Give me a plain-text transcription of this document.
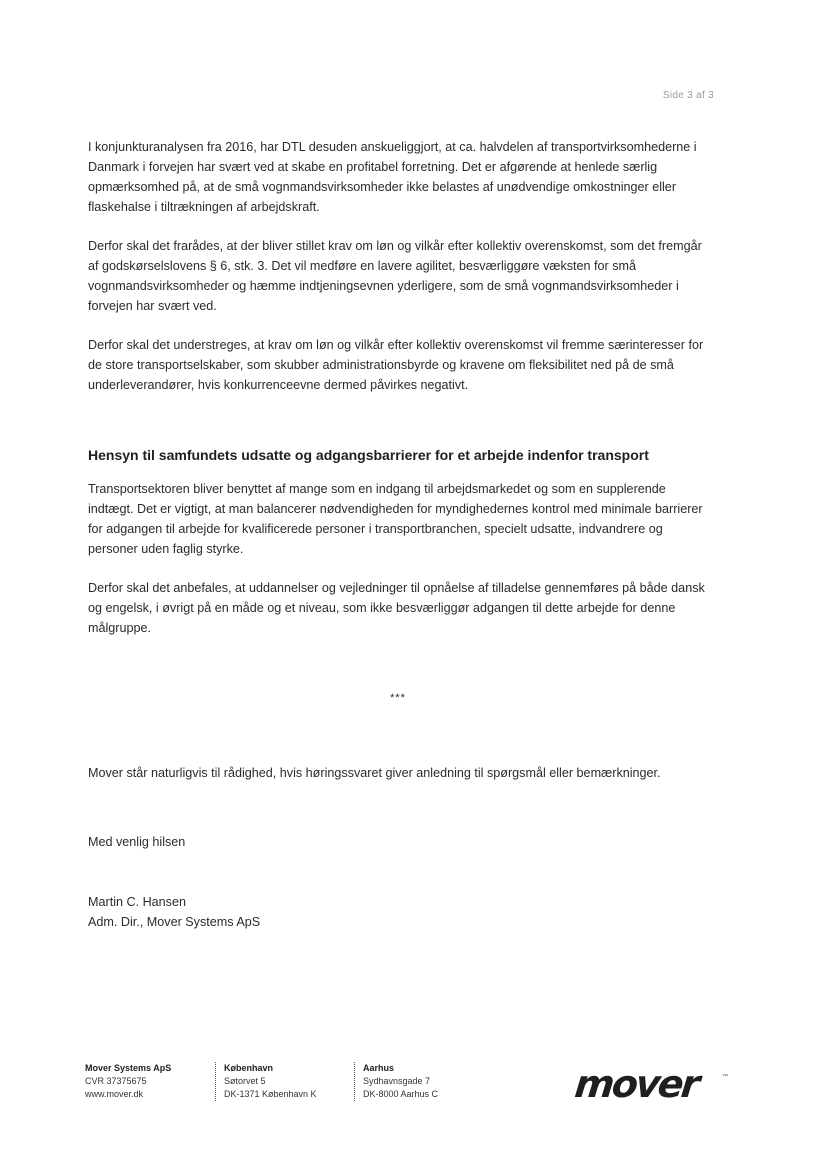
Side 3 af 3

I konjunkturanalysen fra 2016, har DTL desuden anskueliggjort, at ca. halvdelen af transportvirksomhederne i Danmark i forvejen har svært ved at skabe en profitabel forretning. Det er afgørende at henlede særlig opmærksomhed på, at de små vognmandsvirksomheder ikke belastes af unødvendige omkostninger eller flaskehalse i tiltrækningen af arbejdskraft.

Derfor skal det frarådes, at der bliver stillet krav om løn og vilkår efter kollektiv overenskomst, som det fremgår af godskørselslovens § 6, stk. 3. Det vil medføre en lavere agilitet, besværliggøre væksten for små vognmandsvirksomheder og hæmme indtjeningsevnen yderligere, som de små vognmandsvirksomheder i forvejen har svært ved.

Derfor skal det understreges, at krav om løn og vilkår efter kollektiv overenskomst vil fremme særinteresser for de store transportselskaber, som skubber administrationsbyrde og kravene om fleksibilitet ned på de små underleverandører, hvis konkurrenceevne dermed påvirkes negativt.

Hensyn til samfundets udsatte og adgangsbarrierer for et arbejde indenfor transport

Transportsektoren bliver benyttet af mange som en indgang til arbejdsmarkedet og som en supplerende indtægt. Det er vigtigt, at man balancerer nødvendigheden for myndighedernes kontrol med minimale barrierer for adgangen til arbejde for kvalificerede personer i transportbranchen, specielt udsatte, indvandrere og personer uden faglig styrke.

Derfor skal det anbefales, at uddannelser og vejledninger til opnåelse af tilladelse gennemføres på både dansk og engelsk, i øvrigt på en måde og et niveau, som ikke besværliggør adgangen til dette arbejde for denne målgruppe.

***

Mover står naturligvis til rådighed, hvis høringssvaret giver anledning til spørgsmål eller bemærkninger.

Med venlig hilsen

Martin C. Hansen
Adm. Dir., Mover Systems ApS
Mover Systems ApS
CVR 37375675
www.mover.dk
København
Søtorvet 5
DK-1371 København K
Aarhus
Sydhavnsgade 7
DK-8000 Aarhus C	mover	™
